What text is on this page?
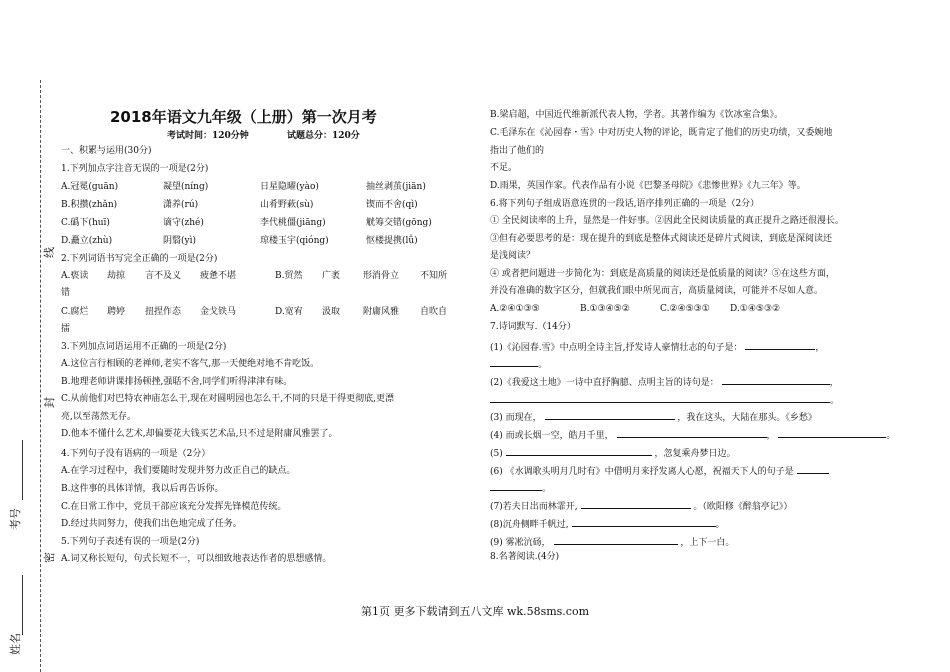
线
封
密
考号
姓名
2018年语文九年级（上册）第一次月考
考试时间：120分钟	试题总分：120分
一、积累与运用(30分)
1.下列加点字注音无误的一项是(2分)
A.冠冕(guān)	凝望(níng)	日星隐曜(yào)	抽丝剥茧(jiān)
B.积攒(zhǎn)	潇养(rú)	山肴野蔌(sù)	锲而不舍(qì)
C.䃣下(huī)	谪守(zhé)	李代桃僵(jiāng)	觥筹交错(gōng)
D.矗立(zhù)	阴翳(yì)	琼楼玉宇(qióng)	怄楼提携(lǚ)
2.下列词语书写完全正确的一项是(2分)
A.亵读 劫掠 言不及义 疲惫不堪	B.贸然 广袤	形消骨立 不知所
错
C.腐烂 聘婷 扭捏作态 金戈铁马	D.宽宥 汲取	附庸风雅 自吹自
擂
3.下列加点词语运用不正确的一项是(2分)
A.这位言行相顾的老禅师,老实不客气,那一天便绝对地不肯吃饭。
B.地理老师讲课排扬顿挫,强聒不舍,同学们听得津津有味。
C.从前他们对巴特农神庙怎么干,现在对圆明园也怎么干,不同的只是干得更彻底,更漂
亮,以至荡然无存。
D.他本不懂什么艺术,却偏要花大钱买艺术品,只不过是附庸风雅罢了。
4.下列句子没有语病的一项是（2分）
A.在学习过程中，我们要随时发现并努力改正自己的缺点。
B.这件事的具体详情，我以后再告诉你。
C.在日常工作中，党员干部应该充分发挥先锋模范传统。
D.经过共同努力，使我们出色地完成了任务。
5.下列句子表述有误的一项是(2分)
A.词又称长短句，句式长短不一，可以细致地表达作者的思想感情。
B.梁启超，中国近代维新派代表人物，学者。其著作编为《饮冰室合集》。
C.毛泽东在《沁园春・雪》中对历史人物的评论，既肯定了他们的历史功绩，又委婉地
指出了他们的
不足。
D.雨果，英国作家。代表作品有小说《巴黎圣母院》《悲惨世界》《九三年》等。
6.将下列句子组成语意连贯的一段话,语序排列正确的一项是（2分）
① 全民阅读率的上升，显然是一件好事。②因此全民阅读质量的真正提升之路还很漫长。
③但有必要思考的是：现在提升的到底是整体式阅读还是碎片式阅读，到底是深阅读还
是浅阅读？
④ 或者把问题进一步简化为：到底是高质量的阅读还是低质量的阅读？⑤在这些方面，
并没有准确的数字区分，但就我们眼中所见而言，高质量阅读，可能并不尽如人意。
A.②④①③⑤	B.①③④⑤②	C.②④⑤③① D.①④⑤③②
7.诗词默写.（14分）
(1)《沁园春.雪》中点明全诗主旨,抒发诗人豪情壮志的句子是：	，
。
(2)《我爱这土地》一诗中直抒胸臆、点明主旨的诗句是：	，
。
(3) 而现在，	，我在这头，大陆在那头。《乡愁》
(4) 而或长烟一空，皓月千里，	，	。
(5)	，忽复乘舟梦日边。
(6) 《水调歌头明月几时有》中借明月来抒发离人心愿，祝福天下人的句子是
。
(7)若夫日出而林霏开,	。（欧阳修《醉翁亭记》）
(8)沉舟侧畔千帆过,	。
(9) 雾凇沆砀，	，上下一白。
8.名著阅读.(4分)
第1页 更多下载请到五八文库 wk.58sms.com
